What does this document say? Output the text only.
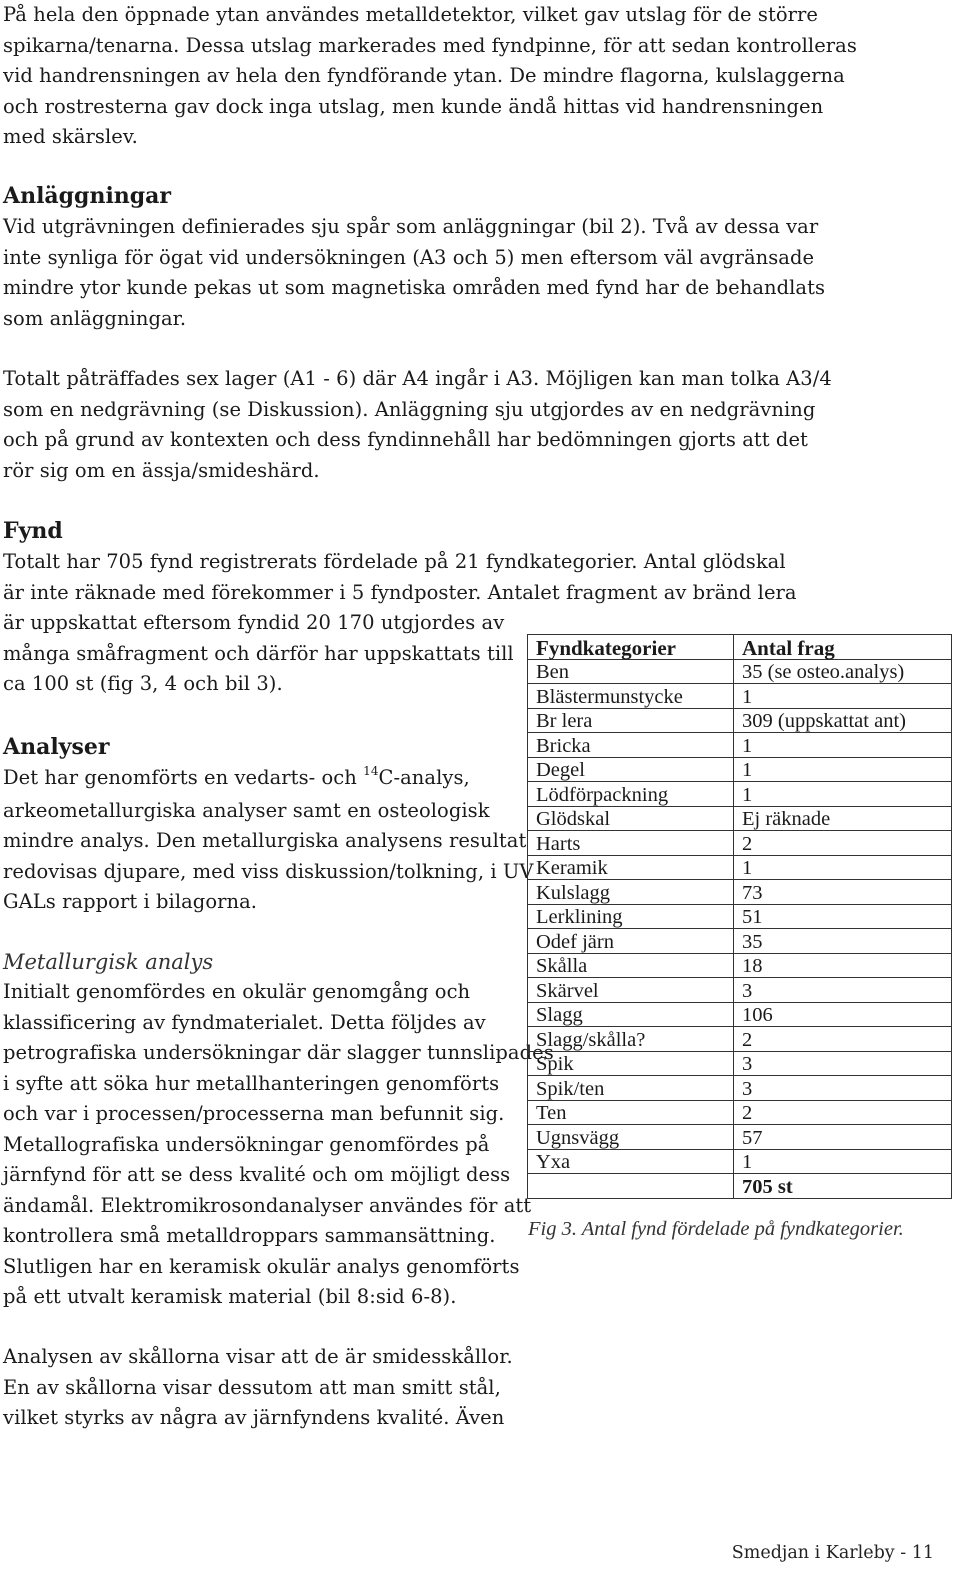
På hela den öppnade ytan användes metalldetektor, vilket gav utslag för de större
spikarna/tenarna. Dessa utslag markerades med fyndpinne, för att sedan kontrolleras
vid handrensningen av hela den fyndförande ytan. De mindre flagorna, kulslaggerna
och rostresterna gav dock inga utslag, men kunde ändå hittas vid handrensningen
med skärslev.
Anläggningar
Vid utgrävningen definierades sju spår som anläggningar (bil 2). Två av dessa var
inte synliga för ögat vid undersökningen (A3 och 5) men eftersom väl avgränsade
mindre ytor kunde pekas ut som magnetiska områden med fynd har de behandlats
som anläggningar.
Totalt påträffades sex lager (A1 - 6) där A4 ingår i A3. Möjligen kan man tolka A3/4
som en nedgrävning (se Diskussion). Anläggning sju utgjordes av en nedgrävning
och på grund av kontexten och dess fyndinnehåll har bedömningen gjorts att det
rör sig om en ässja/smideshärd.
Fynd
Totalt har 705 fynd registrerats fördelade på 21 fyndkategorier. Antal glödskal
är inte räknade med förekommer i 5 fyndposter. Antalet fragment av bränd lera
är uppskattat eftersom fyndid 20 170 utgjordes av
många småfragment och därför har uppskattats till
ca 100 st (fig 3, 4 och bil 3).
Analyser
Det har genomförts en vedarts- och $^{14}$C-analys,
arkeometallurgiska analyser samt en osteologisk
mindre analys. Den metallurgiska analysens resultat
redovisas djupare, med viss diskussion/tolkning, i UV
GALs rapport i bilagorna.
Metallurgisk analys
Initialt genomfördes en okulär genomgång och
klassificering av fyndmaterialet. Detta följdes av
petrografiska undersökningar där slagger tunnslipades
i syfte att söka hur metallhanteringen genomförts
och var i processen/processerna man befunnit sig.
Metallografiska undersökningar genomfördes på
järnfynd för att se dess kvalité och om möjligt dess
ändamål. Elektromikrosondanalyser användes för att
kontrollera små metalldroppars sammansättning.
Slutligen har en keramisk okulär analys genomförts
på ett utvalt keramisk material (bil 8:sid 6-8).
Analysen av skållorna visar att de är smidesskållor.
En av skållorna visar dessutom att man smitt stål,
vilket styrks av några av järnfyndens kvalité. Även
Fyndkategorier	Antal frag
Ben	35 (se osteo.analys)
Blästermunstycke	1
Br lera	309 (uppskattat ant)
Bricka	1
Degel	1
Lödförpackning	1
Glödskal	Ej räknade
Harts	2
Keramik	1
Kulslagg	73
Lerklining	51
Odef järn	35
Skålla	18
Skärvel	3
Slagg	106
Slagg/skålla?	2
Spik	3
Spik/ten	3
Ten	2
Ugnsvägg	57
Yxa	1
	705 st
Fig 3. Antal fynd fördelade på fyndkategorier.
Smedjan i Karleby - 11
